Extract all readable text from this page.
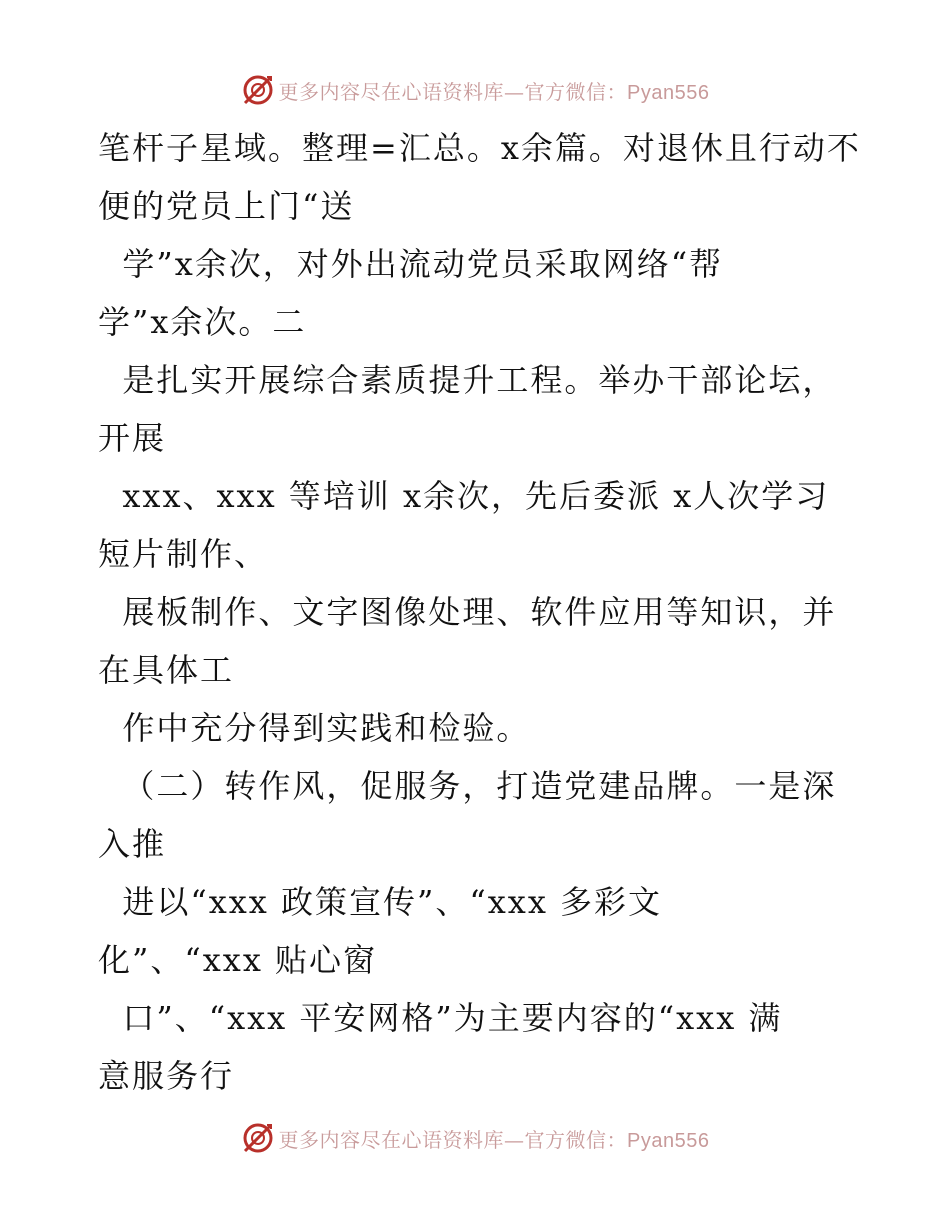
更多内容尽在心语资料库—官方微信：Pyan556
笔杆子星域。整理=汇总。x余篇。对退休且行动不
便的党员上门“送
学”x余次，对外出流动党员采取网络“帮
学”x余次。二
是扎实开展综合素质提升工程。举办干部论坛，
开展
xxx、xxx 等培训 x余次，先后委派 x人次学习
短片制作、
展板制作、文字图像处理、软件应用等知识，并
在具体工
作中充分得到实践和检验。
（二）转作风，促服务，打造党建品牌。一是深
入推
进以“xxx 政策宣传”、“xxx 多彩文
化”、“xxx 贴心窗
口”、“xxx 平安网格”为主要内容的“xxx 满
意服务行
更多内容尽在心语资料库—官方微信：Pyan556
